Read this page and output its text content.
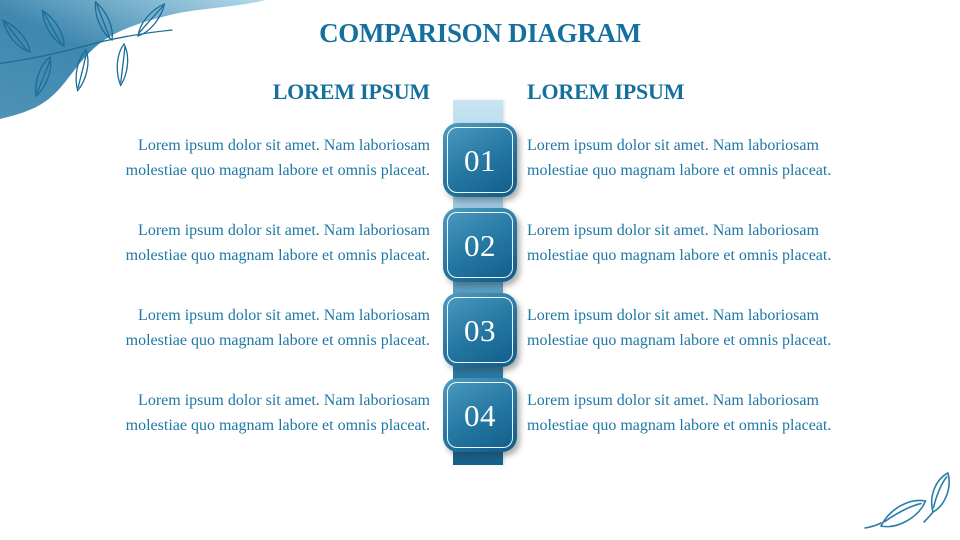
COMPARISON DIAGRAM
LOREM IPSUM	LOREM IPSUM
01
02
03
04

Lorem ipsum dolor sit amet. Nam laboriosam molestiae quo magnam labore et omnis placeat.

Lorem ipsum dolor sit amet. Nam laboriosam molestiae quo magnam labore et omnis placeat.

Lorem ipsum dolor sit amet. Nam laboriosam molestiae quo magnam labore et omnis placeat.

Lorem ipsum dolor sit amet. Nam laboriosam molestiae quo magnam labore et omnis placeat.

Lorem ipsum dolor sit amet. Nam laboriosam molestiae quo magnam labore et omnis placeat.

Lorem ipsum dolor sit amet. Nam laboriosam molestiae quo magnam labore et omnis placeat.

Lorem ipsum dolor sit amet. Nam laboriosam molestiae quo magnam labore et omnis placeat.

Lorem ipsum dolor sit amet. Nam laboriosam molestiae quo magnam labore et omnis placeat.
